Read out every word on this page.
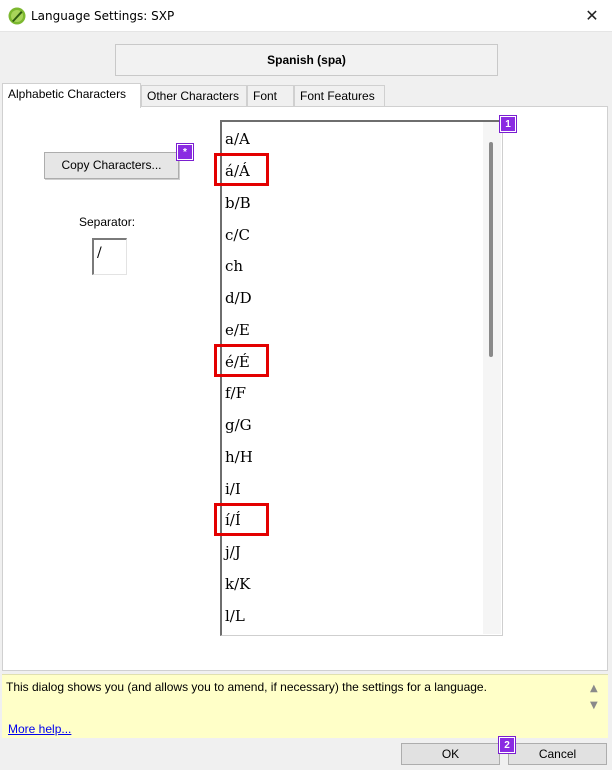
Language Settings: SXP	✕
Spanish (spa)
Alphabetic Characters	Other Characters	Font	Font Features
Copy Characters...
*
Separator:
/
a/A
á/Á
b/B
c/C
ch
d/D
e/E
é/É
f/F
g/G
h/H
i/I
í/Í
j/J
k/K
l/L
1
This dialog shows you (and allows you to amend, if necessary) the settings for a language.
More help...
▲
▼
OK	Cancel
2
